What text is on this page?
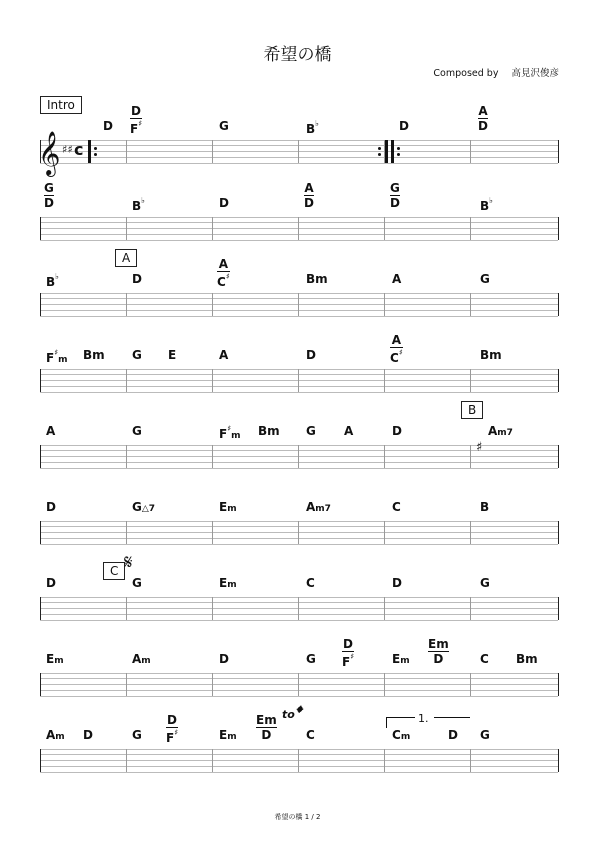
希望の橋
Composed by 高見沢俊彦
𝄞 ♯♯ c
D
D
F♯	G	B♭	D
A
D
G
D	B♭	D
A
D
G
D	B♭
B♭	D
A
C♯	Bm	A	G
F♯m Bm G E	A	D
A
C♯	Bm
A	G	F♯m Bm G A	D	Am7
D	G△7	Em	Am7	C	B
D	G	Em	C	D	G
Em	Am	D	G
D
F♯	Em
Em
D	C Bm
Am D	G
D
F♯	Em
Em
D	C	Cm	D G
Intro
A
B
C 𝄋
to𝄌	1.
♯
希望の橋 1 / 2
